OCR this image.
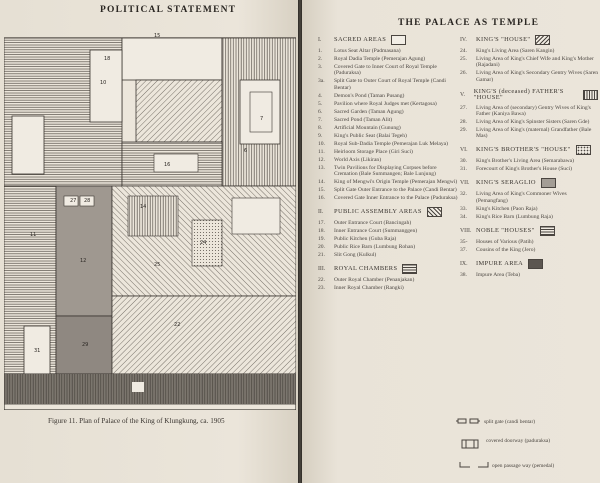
POLITICAL STATEMENT
15
10
18
7
6
16
14
24
11
27 28
12
25
22
29
31
38
Figure 11. Plan of Palace of the King of Klungkung, ca. 1905
THE PALACE AS TEMPLE
I.	SACRED AREAS
1.	Lotus Seat Altar (Padmasana)
2.	Royal Dadia Temple (Pemerajan Agung)
3.	Covered Gate to Inner Court of Royal Temple (Paduraksa)
3a.	Split Gate to Outer Court of Royal Temple (Candi Bentar)
4.	Demon's Pond (Taman Pusang)
5.	Pavilion where Royal Judges met (Kertagosa)
6.	Sacred Garden (Taman Agung)
7.	Sacred Pond (Taman Alit)
8.	Artificial Mountain (Gunung)
9.	King's Public Seat (Balai Tegeh)
10.	Royal Sub-Dadia Temple (Pemerajan Luk Melaya)
11.	Heirloom Storage Place (Giri Suci)
12.	World Axis (Likiran)
13.	Twin Pavilions for Displaying Corpses before Cremation (Bale Summangen; Bale Lunjung)
14.	King of Mengwi's Origin Temple (Pemerajan Mengwi)
15.	Split Gate Outer Entrance to the Palace (Candi Bentar)
16.	Covered Gate Inner Entrance to the Palace (Paduraksa)
II.	PUBLIC ASSEMBLY AREAS
17.	Outer Entrance Court (Bancingah)
18.	Inner Entrance Court (Summanggen)
19.	Public Kitchen (Guba Raja)
20.	Public Rice Barn (Lumbung Rohan)
21.	Slit Gong (Kulkul)
III.	ROYAL CHAMBERS
22.	Outer Royal Chamber (Penanjakan)
23.	Inner Royal Chamber (Rangki)
IV.	KING'S "HOUSE"
24.	King's Living Area (Saren Kangin)
25.	Living Area of King's Chief Wife and King's Mother (Rajadani)
26.	Living Area of King's Secondary Gentry Wives (Saren Gamar)
V.
KING'S (deceased) FATHER'S "HOUSE"
27.	Living Area of (secondary) Gentry Wives of King's Father (Kaniya Bawa)
28.	Living Area of King's Spinster Sisters (Saren Gde)
29.	Living Area of King's (maternal) Grandfather (Bale Mas)
VI.	KING'S BROTHER'S "HOUSE"
30.	King's Brother's Living Area (Semarabawa)
31.	Forecourt of King's Brother's House (Suci)
VII.	KING'S SERAGLIO
32.	Living Area of King's Commoner Wives (Pemangfang)
33.	King's Kitchen (Paon Raja)
34.	King's Rice Barn (Lumbung Raja)
VIII. NOBLE "HOUSES"
35-	Houses of Various (Patih)
37.	Cousins of the King (Jero)
IX.	IMPURE AREA
38.	Impure Area (Teba)
split gate (candi bentar)
covered doorway (paduraksa)
open passage way (pemedal)
